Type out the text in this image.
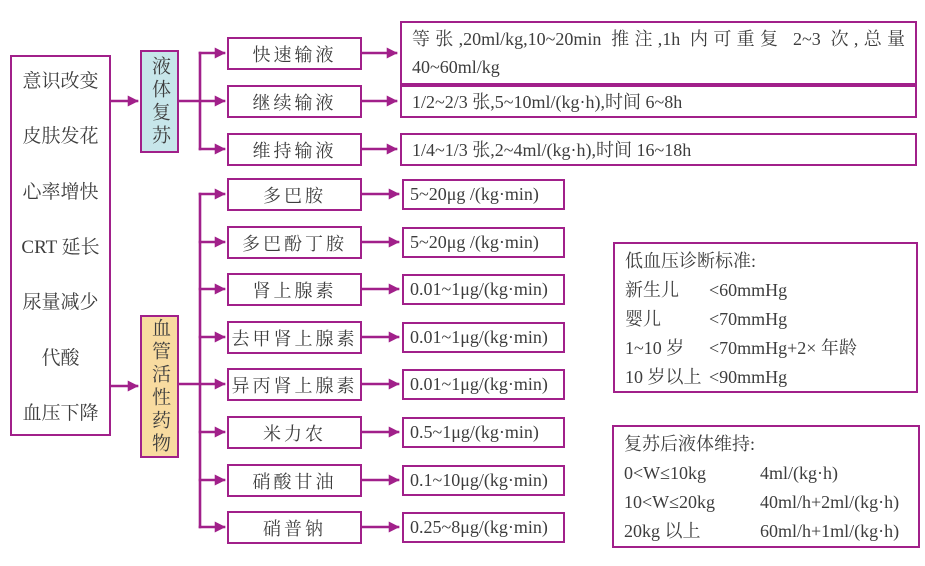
意识改变
皮肤发花
心率增快
CRT 延长
尿量减少
代酸
血压下降
液体复苏
血管活性药物
快速输液
继续输液
维持输液
等张,20ml/kg,10~20min 推注,1h 内可重复 2~3 次,总量
40~60ml/kg
1/2~2/3 张,5~10ml/(kg·h),时间 6~8h
1/4~1/3 张,2~4ml/(kg·h),时间 16~18h
多巴胺
多巴酚丁胺
肾上腺素
去甲肾上腺素
异丙肾上腺素
米力农
硝酸甘油
硝普钠
5~20μg /(kg·min)
5~20μg /(kg·min)
0.01~1μg/(kg·min)
0.01~1μg/(kg·min)
0.01~1μg/(kg·min)
0.5~1μg/(kg·min)
0.1~10μg/(kg·min)
0.25~8μg/(kg·min)
低血压诊断标准:
新生儿	<60mmHg
婴儿	<70mmHg
1~10 岁	<70mmHg+2× 年龄
10 岁以上 <90mmHg
复苏后液体维持:
0<W≤10kg	4ml/(kg·h)
10<W≤20kg	40ml/h+2ml/(kg·h)
20kg 以上	60ml/h+1ml/(kg·h)
